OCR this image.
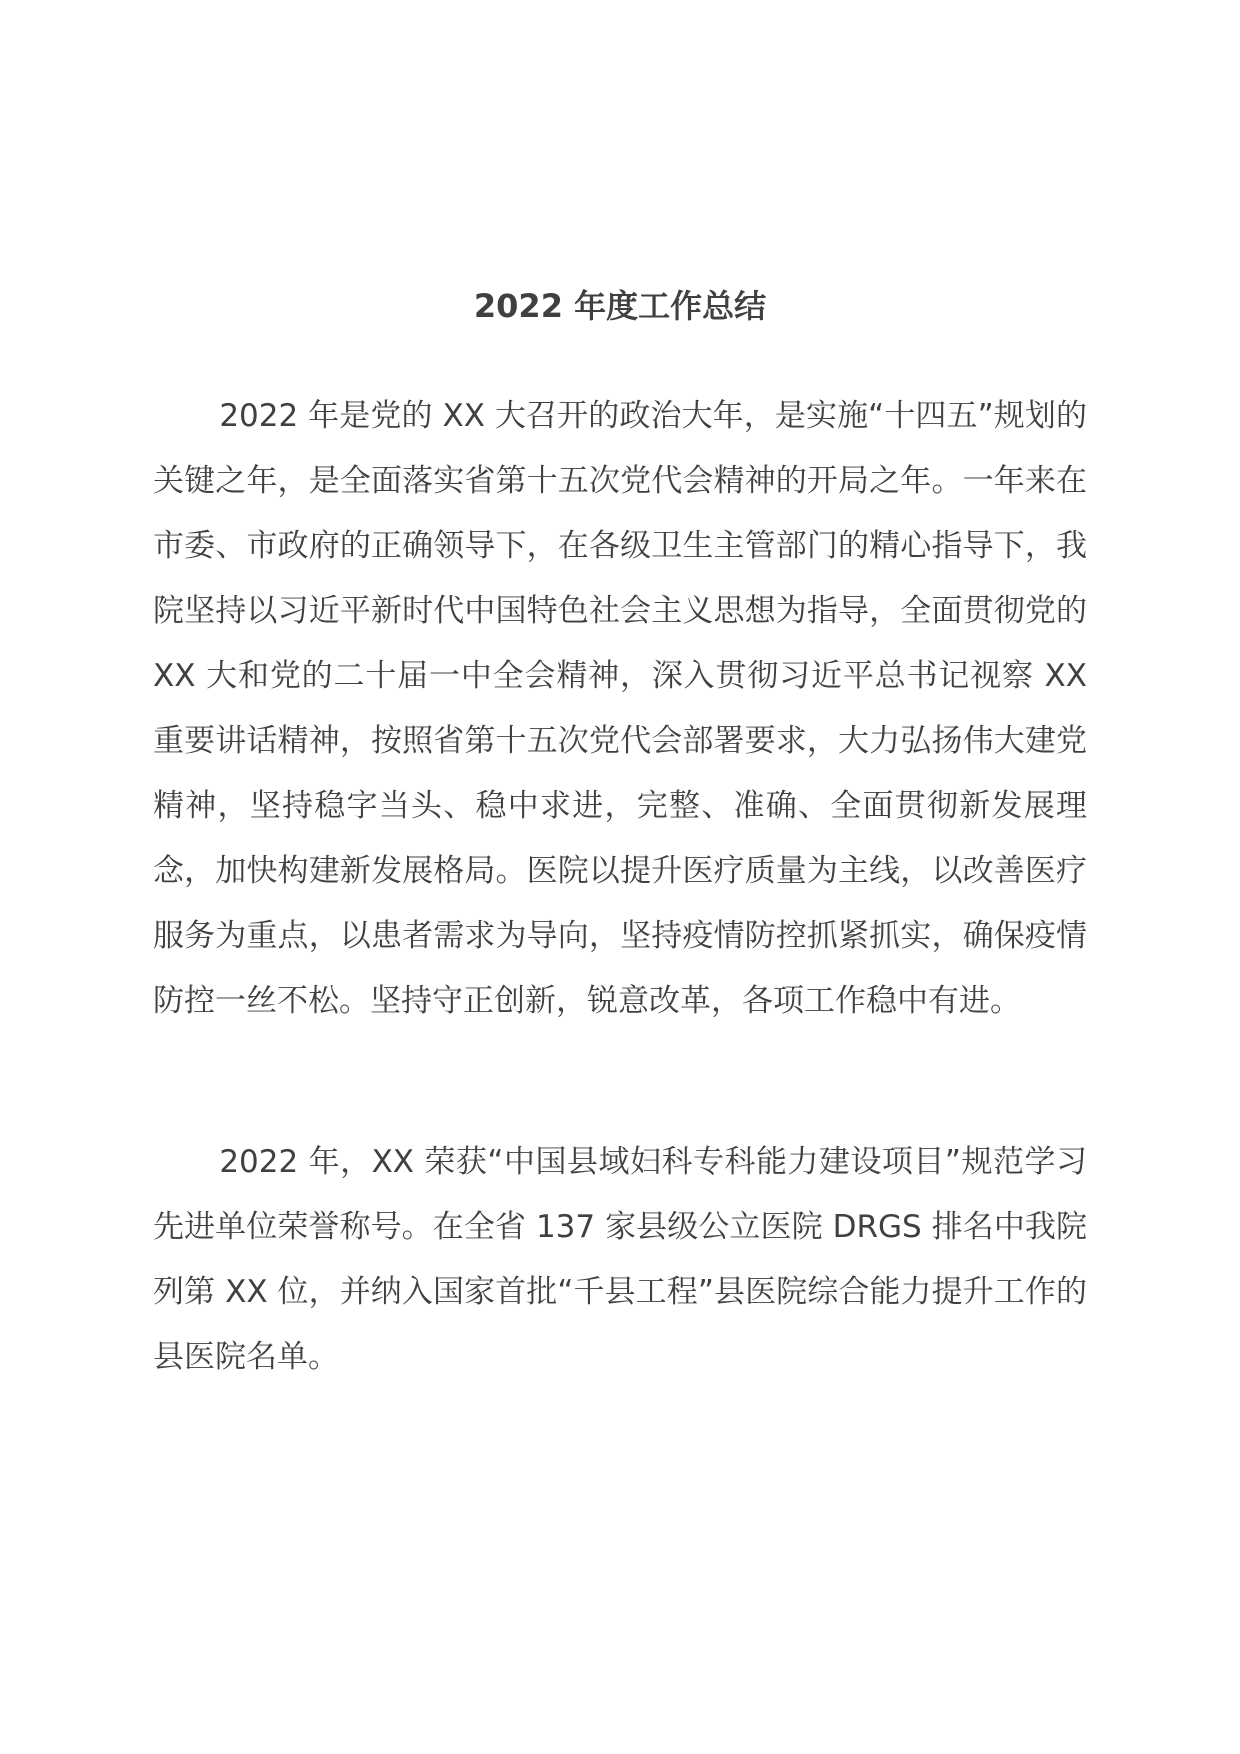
2022 年度工作总结

2022 年是党的 XX 大召开的政治大年，是实施“十四五”规划的关键之年，是全面落实省第十五次党代会精神的开局之年。一年来在市委、市政府的正确领导下，在各级卫生主管部门的精心指导下，我院坚持以习近平新时代中国特色社会主义思想为指导，全面贯彻党的 XX 大和党的二十届一中全会精神，深入贯彻习近平总书记视察 XX 重要讲话精神，按照省第十五次党代会部署要求，大力弘扬伟大建党精神，坚持稳字当头、稳中求进，完整、准确、全面贯彻新发展理念，加快构建新发展格局。医院以提升医疗质量为主线，以改善医疗服务为重点，以患者需求为导向，坚持疫情防控抓紧抓实，确保疫情防控一丝不松。坚持守正创新，锐意改革，各项工作稳中有进。

2022 年，XX 荣获“中国县域妇科专科能力建设项目”规范学习先进单位荣誉称号。在全省 137 家县级公立医院 DRGS 排名中我院列第 XX 位，并纳入国家首批“千县工程”县医院综合能力提升工作的县医院名单。
